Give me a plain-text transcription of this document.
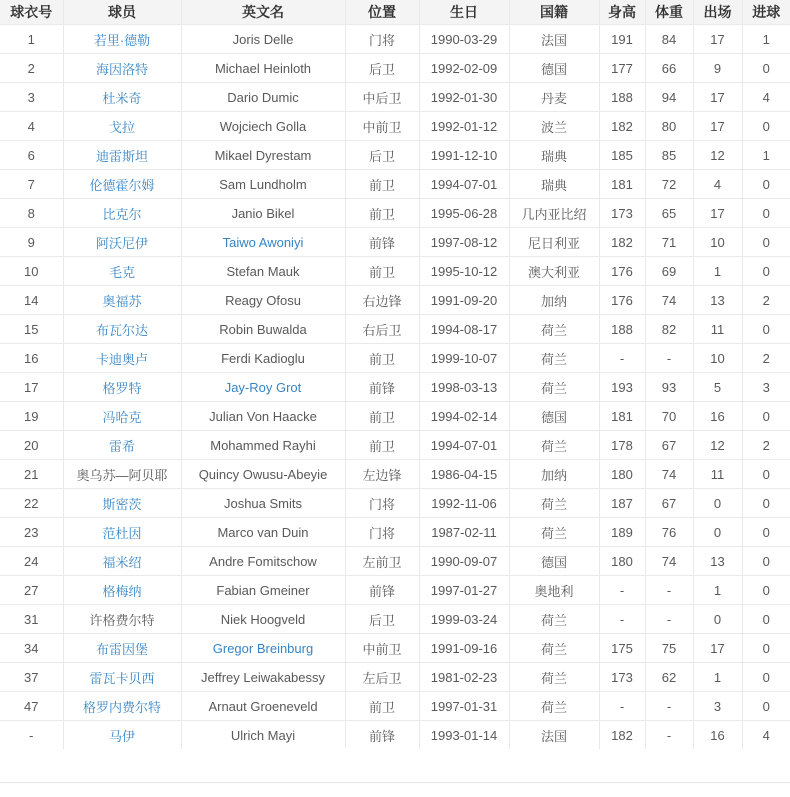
球衣号	球员	英文名	位置	生日	国籍	身高	体重	出场	进球
1	若里·德勒	Joris Delle	门将	1990-03-29	法国	191	84	17	1
2	海因洛特	Michael Heinloth	后卫	1992-02-09	德国	177	66	9	0
3	杜米奇	Dario Dumic	中后卫	1992-01-30	丹麦	188	94	17	4
4	戈拉	Wojciech Golla	中前卫	1992-01-12	波兰	182	80	17	0
6	迪雷斯坦	Mikael Dyrestam	后卫	1991-12-10	瑞典	185	85	12	1
7	伦德霍尔姆	Sam Lundholm	前卫	1994-07-01	瑞典	181	72	4	0
8	比克尔	Janio Bikel	前卫	1995-06-28	几内亚比绍	173	65	17	0
9	阿沃尼伊	Taiwo Awoniyi	前锋	1997-08-12	尼日利亚	182	71	10	0
10	毛克	Stefan Mauk	前卫	1995-10-12	澳大利亚	176	69	1	0
14	奥福苏	Reagy Ofosu	右边锋	1991-09-20	加纳	176	74	13	2
15	布瓦尔达	Robin Buwalda	右后卫	1994-08-17	荷兰	188	82	11	0
16	卡迪奥卢	Ferdi Kadioglu	前卫	1999-10-07	荷兰	-	-	10	2
17	格罗特	Jay-Roy Grot	前锋	1998-03-13	荷兰	193	93	5	3
19	冯哈克	Julian Von Haacke	前卫	1994-02-14	德国	181	70	16	0
20	雷希	Mohammed Rayhi	前卫	1994-07-01	荷兰	178	67	12	2
21	奥乌苏—阿贝耶	Quincy Owusu-Abeyie	左边锋	1986-04-15	加纳	180	74	11	0
22	斯密茨	Joshua Smits	门将	1992-11-06	荷兰	187	67	0	0
23	范杜因	Marco van Duin	门将	1987-02-11	荷兰	189	76	0	0
24	福米绍	Andre Fomitschow	左前卫	1990-09-07	德国	180	74	13	0
27	格梅纳	Fabian Gmeiner	前锋	1997-01-27	奥地利	-	-	1	0
31	许格费尔特	Niek Hoogveld	后卫	1999-03-24	荷兰	-	-	0	0
34	布雷因堡	Gregor Breinburg	中前卫	1991-09-16	荷兰	175	75	17	0
37	雷瓦卡贝西	Jeffrey Leiwakabessy	左后卫	1981-02-23	荷兰	173	62	1	0
47	格罗内费尔特	Arnaut Groeneveld	前卫	1997-01-31	荷兰	-	-	3	0
-	马伊	Ulrich Mayi	前锋	1993-01-14	法国	182	-	16	4
